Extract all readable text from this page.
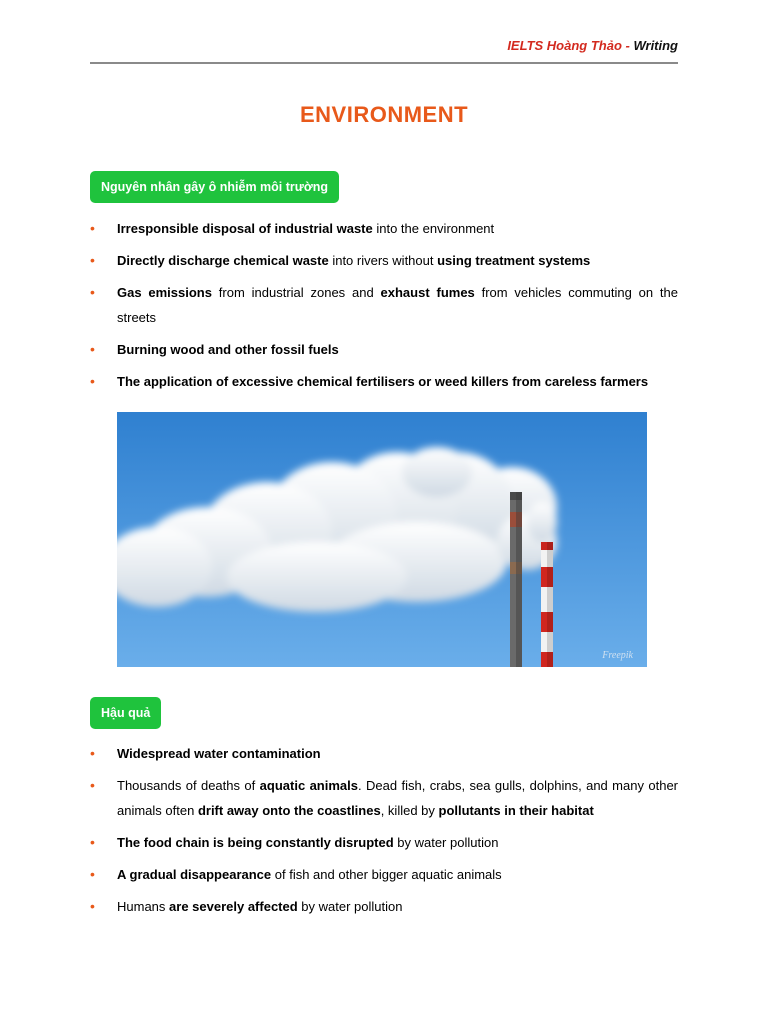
IELTS Hoàng Thảo - Writing
ENVIRONMENT
Nguyên nhân gây ô nhiễm môi trường
• Irresponsible disposal of industrial waste into the environment
• Directly discharge chemical waste into rivers without using treatment systems
• Gas emissions from industrial zones and exhaust fumes from vehicles commuting on the streets
• Burning wood and other fossil fuels
• The application of excessive chemical fertilisers or weed killers from careless farmers
Freepik
Hậu quả
• Widespread water contamination
• Thousands of deaths of aquatic animals. Dead fish, crabs, sea gulls, dolphins, and many other animals often drift away onto the coastlines, killed by pollutants in their habitat
• The food chain is being constantly disrupted by water pollution
• A gradual disappearance of fish and other bigger aquatic animals
• Humans are severely affected by water pollution
